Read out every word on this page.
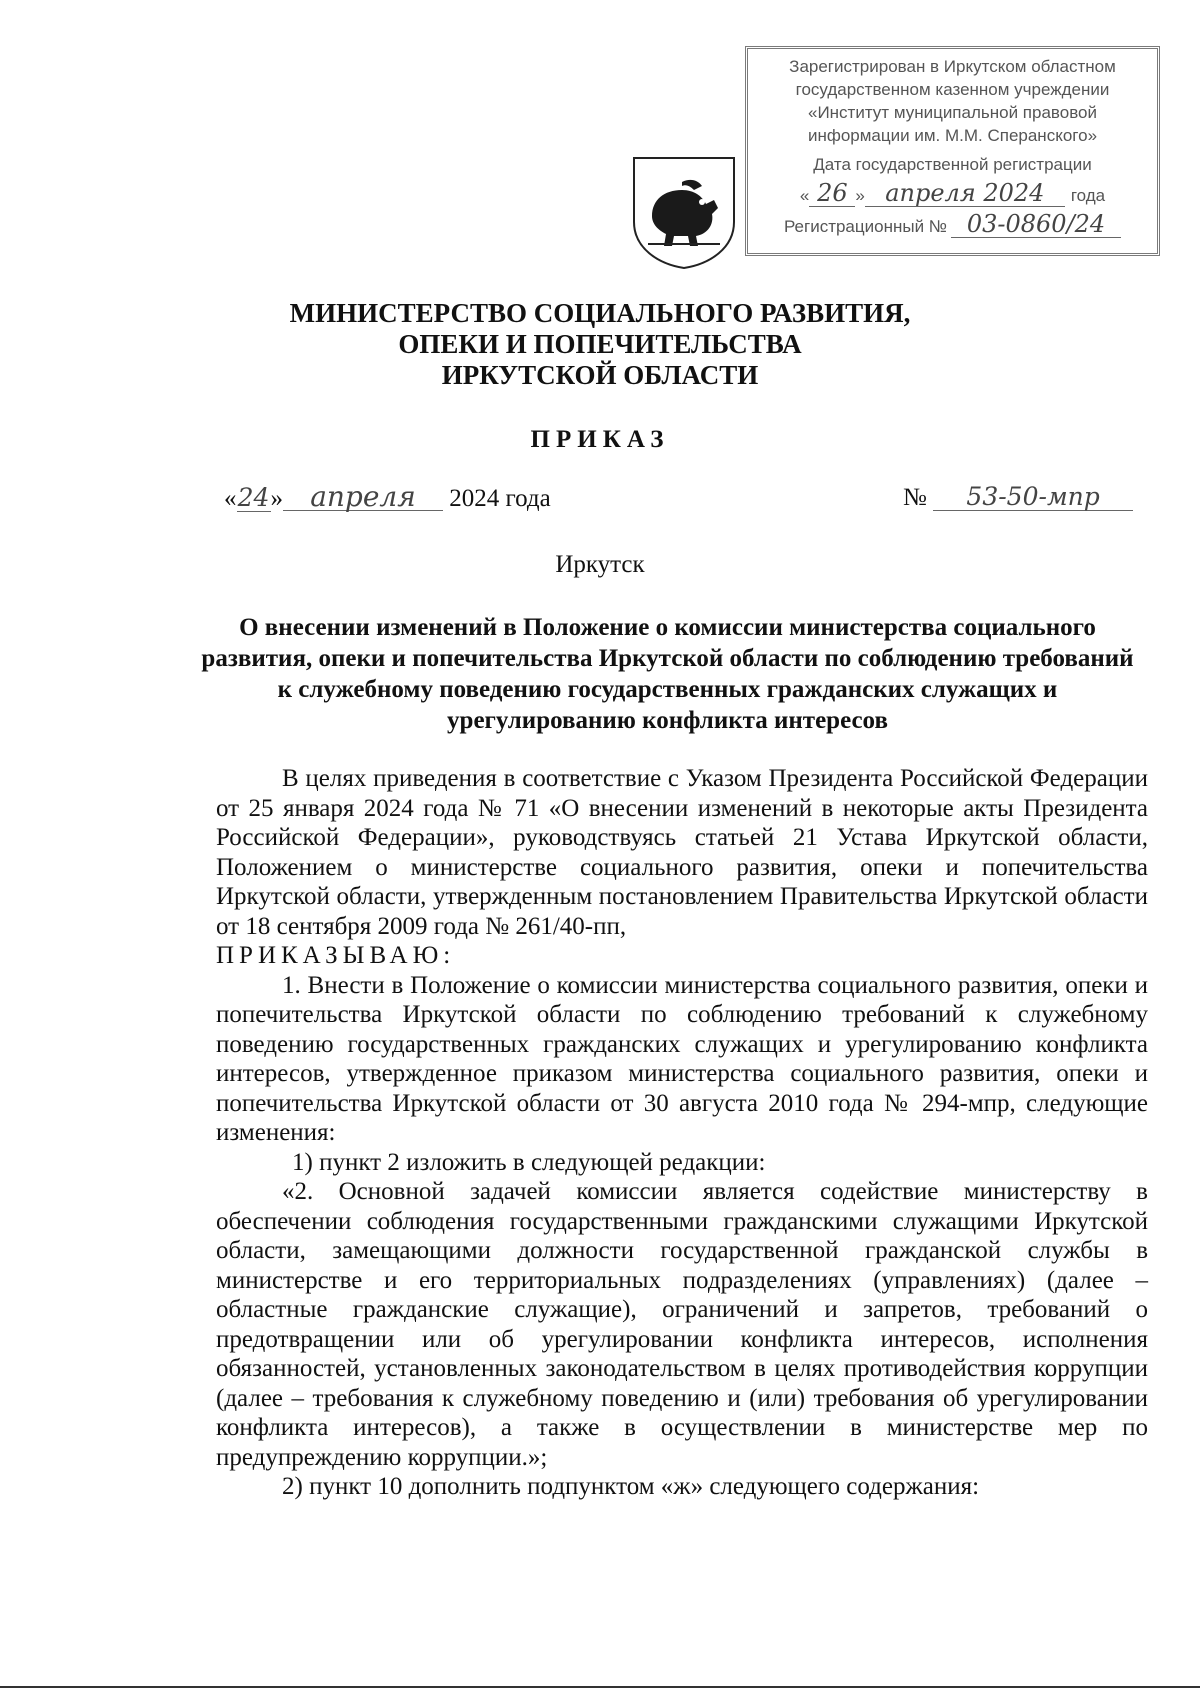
Зарегистрирован в Иркутском областном
государственном казенном учреждении
«Институт муниципальной правовой
информации им. М.М. Сперанского»
Дата государственной регистрации
« 26 » апреля 2024	года
Регистрационный № 03-0860/24
МИНИСТЕРСТВО СОЦИАЛЬНОГО РАЗВИТИЯ,
ОПЕКИ И ПОПЕЧИТЕЛЬСТВА
ИРКУТСКОЙ ОБЛАСТИ
ПРИКАЗ
«24» апреля 2024 года	№ 53-50-мпр
Иркутск
О внесении изменений в Положение о комиссии министерства социального развития, опеки и попечительства Иркутской области по соблюдению требований к служебному поведению государственных гражданских служащих и урегулированию конфликта интересов

В целях приведения в соответствие с Указом Президента Российской Федерации от 25 января 2024 года № 71 «О внесении изменений в некоторые акты Президента Российской Федерации», руководствуясь статьей 21 Устава Иркутской области, Положением о министерстве социального развития, опеки и попечительства Иркутской области, утвержденным постановлением Правительства Иркутской области от 18 сентября 2009 года № 261/40-пп,

ПРИКАЗЫВАЮ:

1. Внести в Положение о комиссии министерства социального развития, опеки и попечительства Иркутской области по соблюдению требований к служебному поведению государственных гражданских служащих и урегулированию конфликта интересов, утвержденное приказом министерства социального развития, опеки и попечительства Иркутской области от 30 августа 2010 года № 294-мпр, следующие изменения:

1) пункт 2 изложить в следующей редакции:

«2. Основной задачей комиссии является содействие министерству в обеспечении соблюдения государственными гражданскими служащими Иркутской области, замещающими должности государственной гражданской службы в министерстве и его территориальных подразделениях (управлениях) (далее – областные гражданские служащие), ограничений и запретов, требований о предотвращении или об урегулировании конфликта интересов, исполнения обязанностей, установленных законодательством в целях противодействия коррупции (далее – требования к служебному поведению и (или) требования об урегулировании конфликта интересов), а также в осуществлении в министерстве мер по предупреждению коррупции.»;

2) пункт 10 дополнить подпунктом «ж» следующего содержания:
